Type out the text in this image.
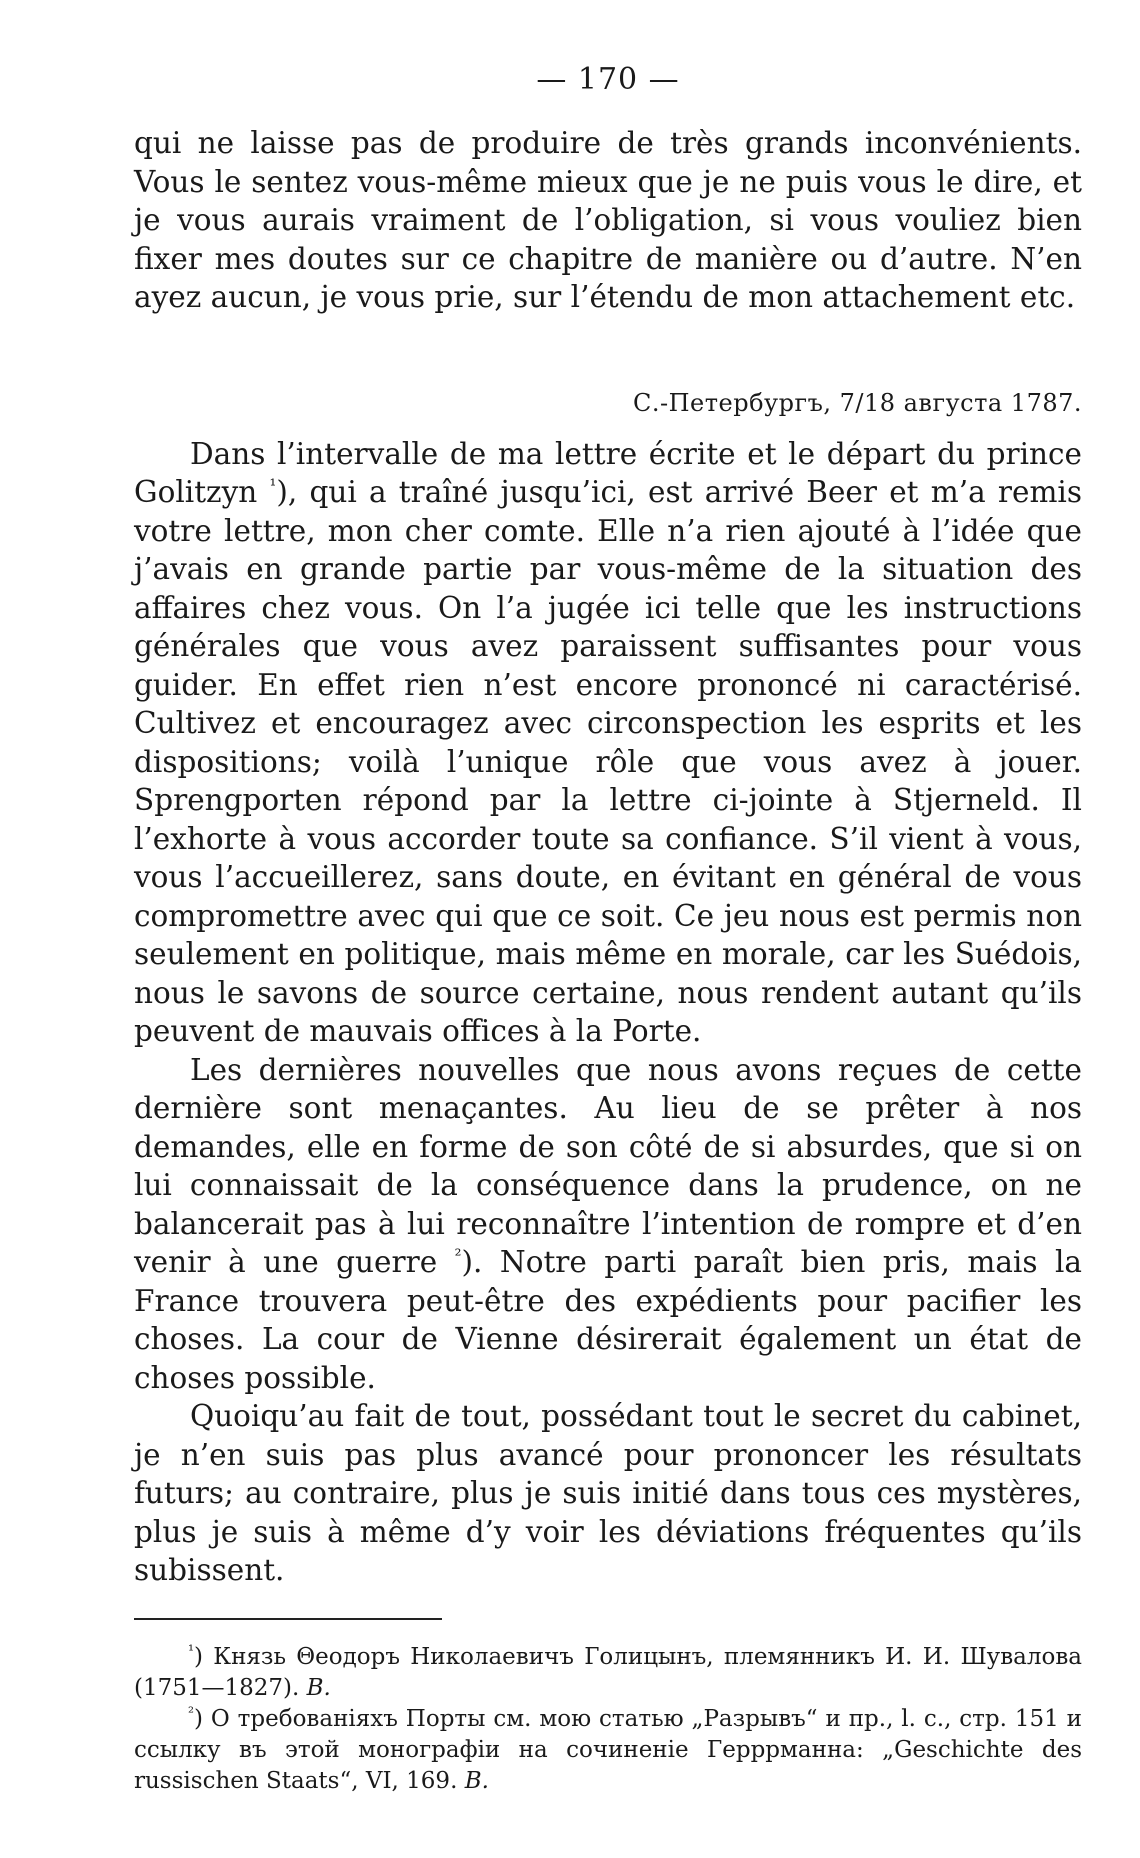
— 170 —

qui ne laisse pas de produire de très grands inconvénients. Vous le sentez vous-même mieux que je ne puis vous le dire, et je vous aurais vraiment de l’obligation, si vous vouliez bien fixer mes doutes sur ce chapitre de manière ou d’autre. N’en ayez aucun, je vous prie, sur l’étendu de mon attachement etc.

С.-Петербургъ, 7/18 августа 1787.

Dans l’intervalle de ma lettre écrite et le départ du prince Golitzyn $^{^1}$), qui a traîné jusqu’ici, est arrivé Beer et m’a remis votre lettre, mon cher comte. Elle n’a rien ajouté à l’idée que j’avais en grande partie par vous-même de la situation des affaires chez vous. On l’a jugée ici telle que les instructions générales que vous avez paraissent suffisantes pour vous guider. En effet rien n’est encore prononcé ni caractérisé. Cultivez et encouragez avec circonspection les esprits et les dispositions; voilà l’unique rôle que vous avez à jouer. Sprengporten répond par la lettre ci-jointe à Stjerneld. Il l’exhorte à vous accorder toute sa confiance. S’il vient à vous, vous l’accueillerez, sans doute, en évitant en général de vous compromettre avec qui que ce soit. Ce jeu nous est permis non seulement en politique, mais même en morale, car les Suédois, nous le savons de source certaine, nous rendent autant qu’ils peuvent de mauvais offices à la Porte.

Les dernières nouvelles que nous avons reçues de cette dernière sont menaçantes. Au lieu de se prêter à nos demandes, elle en forme de son côté de si absurdes, que si on lui connaissait de la conséquence dans la prudence, on ne balancerait pas à lui reconnaître l’intention de rompre et d’en venir à une guerre $^{^2}$). Notre parti paraît bien pris, mais la France trouvera peut-être des expédients pour pacifier les choses. La cour de Vienne désirerait également un état de choses possible.

Quoiqu’au fait de tout, possédant tout le secret du cabinet, je n’en suis pas plus avancé pour prononcer les résultats futurs; au contraire, plus je suis initié dans tous ces mystères, plus je suis à même d’y voir les déviations fréquentes qu’ils subissent.

$^{^1}$) Князь Θеодоръ Николаевичъ Голицынъ, племянникъ И. И. Шувалова (1751—1827). В.

$^{^2}$) О требованіяхъ Порты см. мою статью „Разрывъ“ и пр., l. c., стр. 151 и ссылку въ этой монографіи на сочиненіе Герррманна: „Geschichte des russischen Staats“, VI, 169. В.
